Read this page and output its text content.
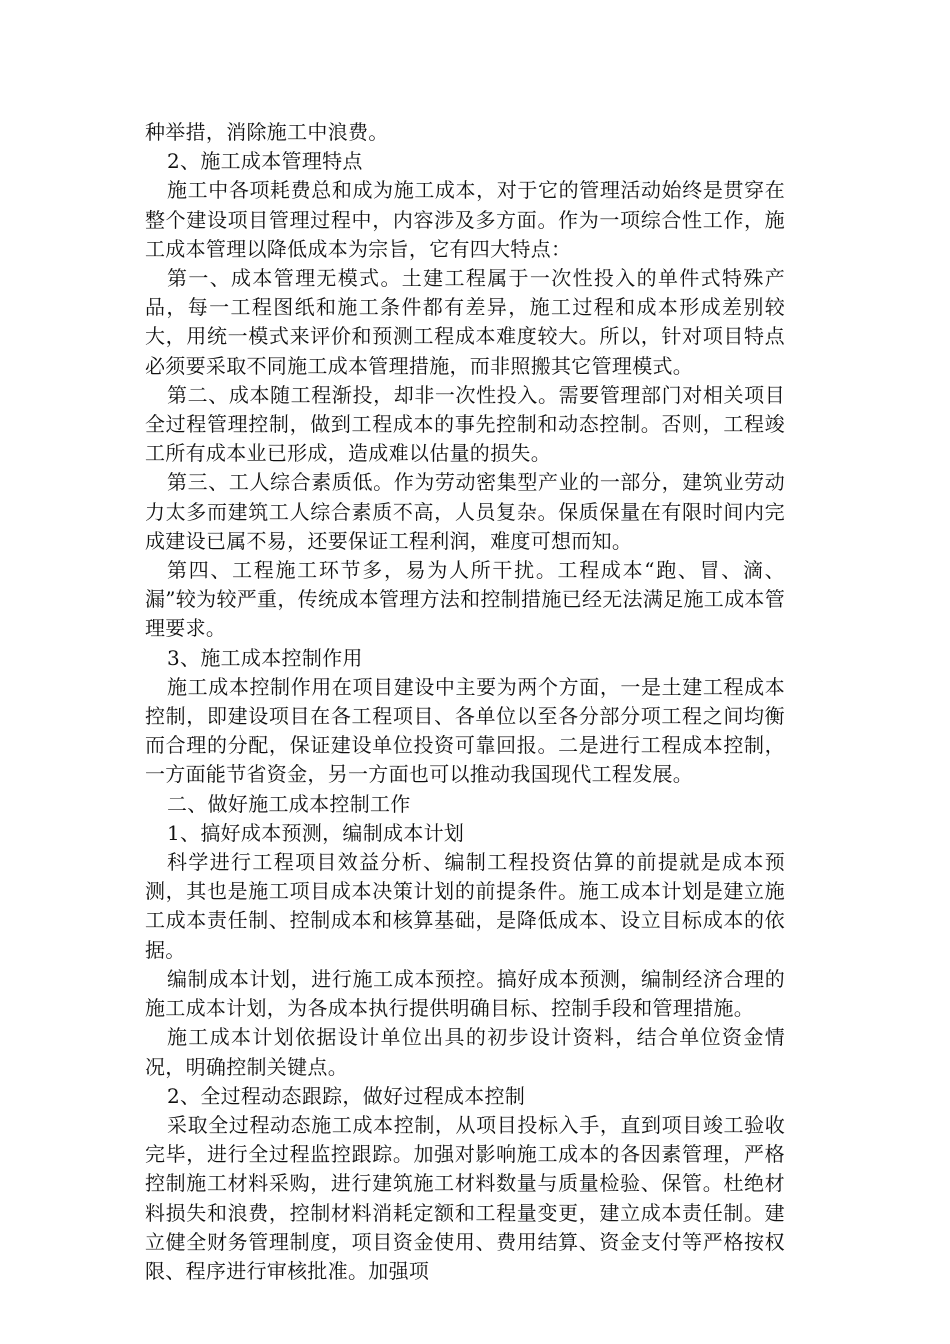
种举措，消除施工中浪费。

2、施工成本管理特点

施工中各项耗费总和成为施工成本，对于它的管理活动始终是贯穿在整个建设项目管理过程中，内容涉及多方面。作为一项综合性工作，施工成本管理以降低成本为宗旨，它有四大特点：

第一、成本管理无模式。土建工程属于一次性投入的单件式特殊产品，每一工程图纸和施工条件都有差异，施工过程和成本形成差别较大，用统一模式来评价和预测工程成本难度较大。所以，针对项目特点必须要采取不同施工成本管理措施，而非照搬其它管理模式。

第二、成本随工程渐投，却非一次性投入。需要管理部门对相关项目全过程管理控制，做到工程成本的事先控制和动态控制。否则，工程竣工所有成本业已形成，造成难以估量的损失。

第三、工人综合素质低。作为劳动密集型产业的一部分，建筑业劳动力太多而建筑工人综合素质不高，人员复杂。保质保量在有限时间内完成建设已属不易，还要保证工程利润，难度可想而知。

第四、工程施工环节多，易为人所干扰。工程成本“跑、冒、滴、漏”较为较严重，传统成本管理方法和控制措施已经无法满足施工成本管理要求。

3、施工成本控制作用

施工成本控制作用在项目建设中主要为两个方面，一是土建工程成本控制，即建设项目在各工程项目、各单位以至各分部分项工程之间均衡而合理的分配，保证建设单位投资可靠回报。二是进行工程成本控制，一方面能节省资金，另一方面也可以推动我国现代工程发展。

二、做好施工成本控制工作

1、搞好成本预测，编制成本计划

科学进行工程项目效益分析、编制工程投资估算的前提就是成本预测，其也是施工项目成本决策计划的前提条件。施工成本计划是建立施工成本责任制、控制成本和核算基础，是降低成本、设立目标成本的依据。

编制成本计划，进行施工成本预控。搞好成本预测，编制经济合理的施工成本计划，为各成本执行提供明确目标、控制手段和管理措施。

施工成本计划依据设计单位出具的初步设计资料，结合单位资金情况，明确控制关键点。

2、全过程动态跟踪，做好过程成本控制

采取全过程动态施工成本控制，从项目投标入手，直到项目竣工验收完毕，进行全过程监控跟踪。加强对影响施工成本的各因素管理，严格控制施工材料采购，进行建筑施工材料数量与质量检验、保管。杜绝材料损失和浪费，控制材料消耗定额和工程量变更，建立成本责任制。建立健全财务管理制度，项目资金使用、费用结算、资金支付等严格按权限、程序进行审核批准。加强项
